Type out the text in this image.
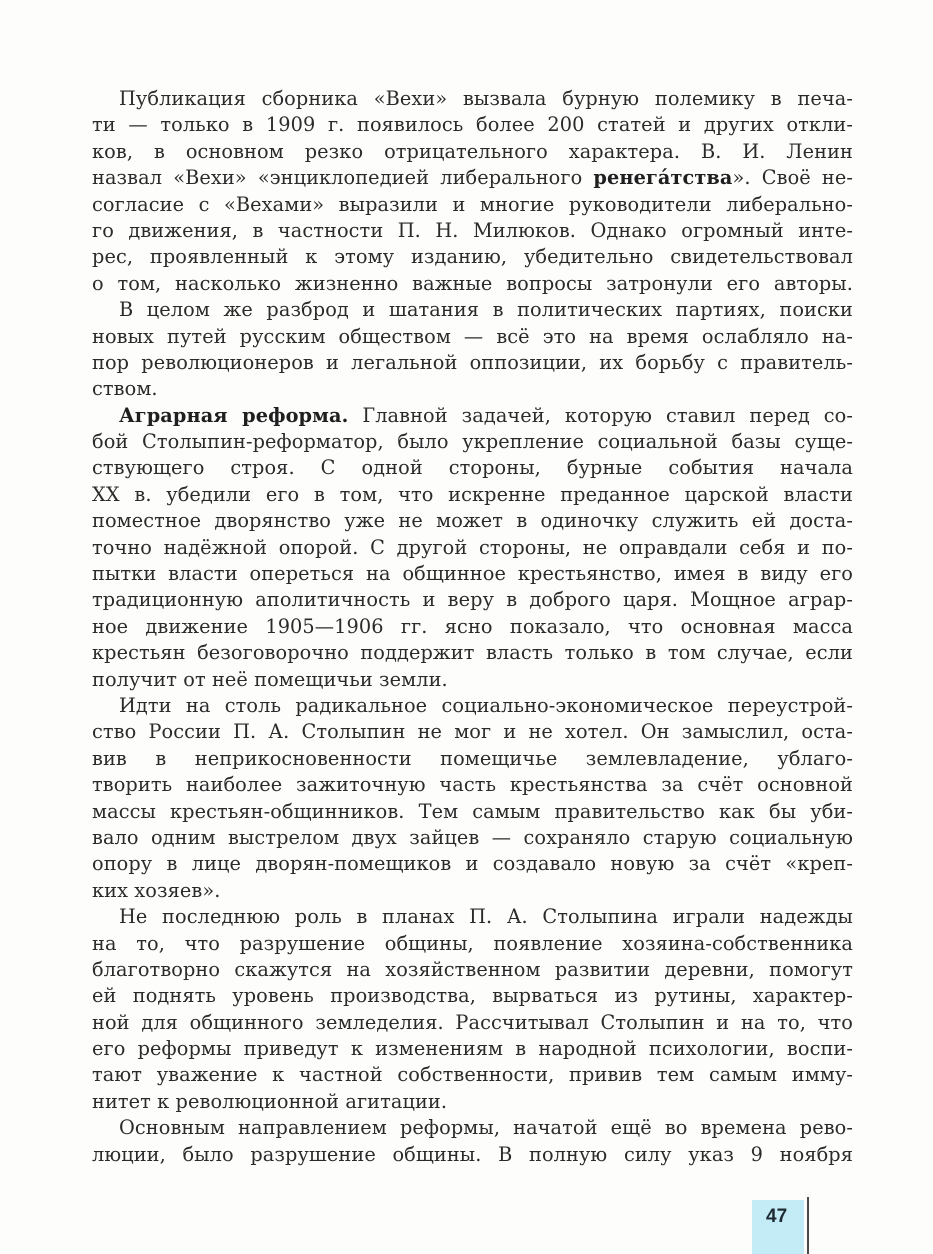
Публикация сборника «Вехи» вызвала бурную полемику в печа-
ти — только в 1909 г. появилось более 200 статей и других откли-
ков, в основном резко отрицательного характера. В. И. Ленин
назвал «Вехи» «энциклопедией либерального ренегáтства». Своё не-
согласие с «Вехами» выразили и многие руководители либерально-
го движения, в частности П. Н. Милюков. Однако огромный инте-
рес, проявленный к этому изданию, убедительно свидетельствовал
о том, насколько жизненно важные вопросы затронули его авторы.
В целом же разброд и шатания в политических партиях, поиски
новых путей русским обществом — всё это на время ослабляло на-
пор революционеров и легальной оппозиции, их борьбу с правитель-
ством.
Аграрная реформа. Главной задачей, которую ставил перед со-
бой Столыпин-реформатор, было укрепление социальной базы суще-
ствующего строя. С одной стороны, бурные события начала
XX в. убедили его в том, что искренне преданное царской власти
поместное дворянство уже не может в одиночку служить ей доста-
точно надёжной опорой. С другой стороны, не оправдали себя и по-
пытки власти опереться на общинное крестьянство, имея в виду его
традиционную аполитичность и веру в доброго царя. Мощное аграр-
ное движение 1905—1906 гг. ясно показало, что основная масса
крестьян безоговорочно поддержит власть только в том случае, если
получит от неё помещичьи земли.
Идти на столь радикальное социально-экономическое переустрой-
ство России П. А. Столыпин не мог и не хотел. Он замыслил, оста-
вив в неприкосновенности помещичье землевладение, ублаго-
творить наиболее зажиточную часть крестьянства за счёт основной
массы крестьян-общинников. Тем самым правительство как бы уби-
вало одним выстрелом двух зайцев — сохраняло старую социальную
опору в лице дворян-помещиков и создавало новую за счёт «креп-
ких хозяев».
Не последнюю роль в планах П. А. Столыпина играли надежды
на то, что разрушение общины, появление хозяина-собственника
благотворно скажутся на хозяйственном развитии деревни, помогут
ей поднять уровень производства, вырваться из рутины, характер-
ной для общинного земледелия. Рассчитывал Столыпин и на то, что
его реформы приведут к изменениям в народной психологии, воспи-
тают уважение к частной собственности, привив тем самым имму-
нитет к революционной агитации.
Основным направлением реформы, начатой ещё во времена рево-
люции, было разрушение общины. В полную силу указ 9 ноября
47
